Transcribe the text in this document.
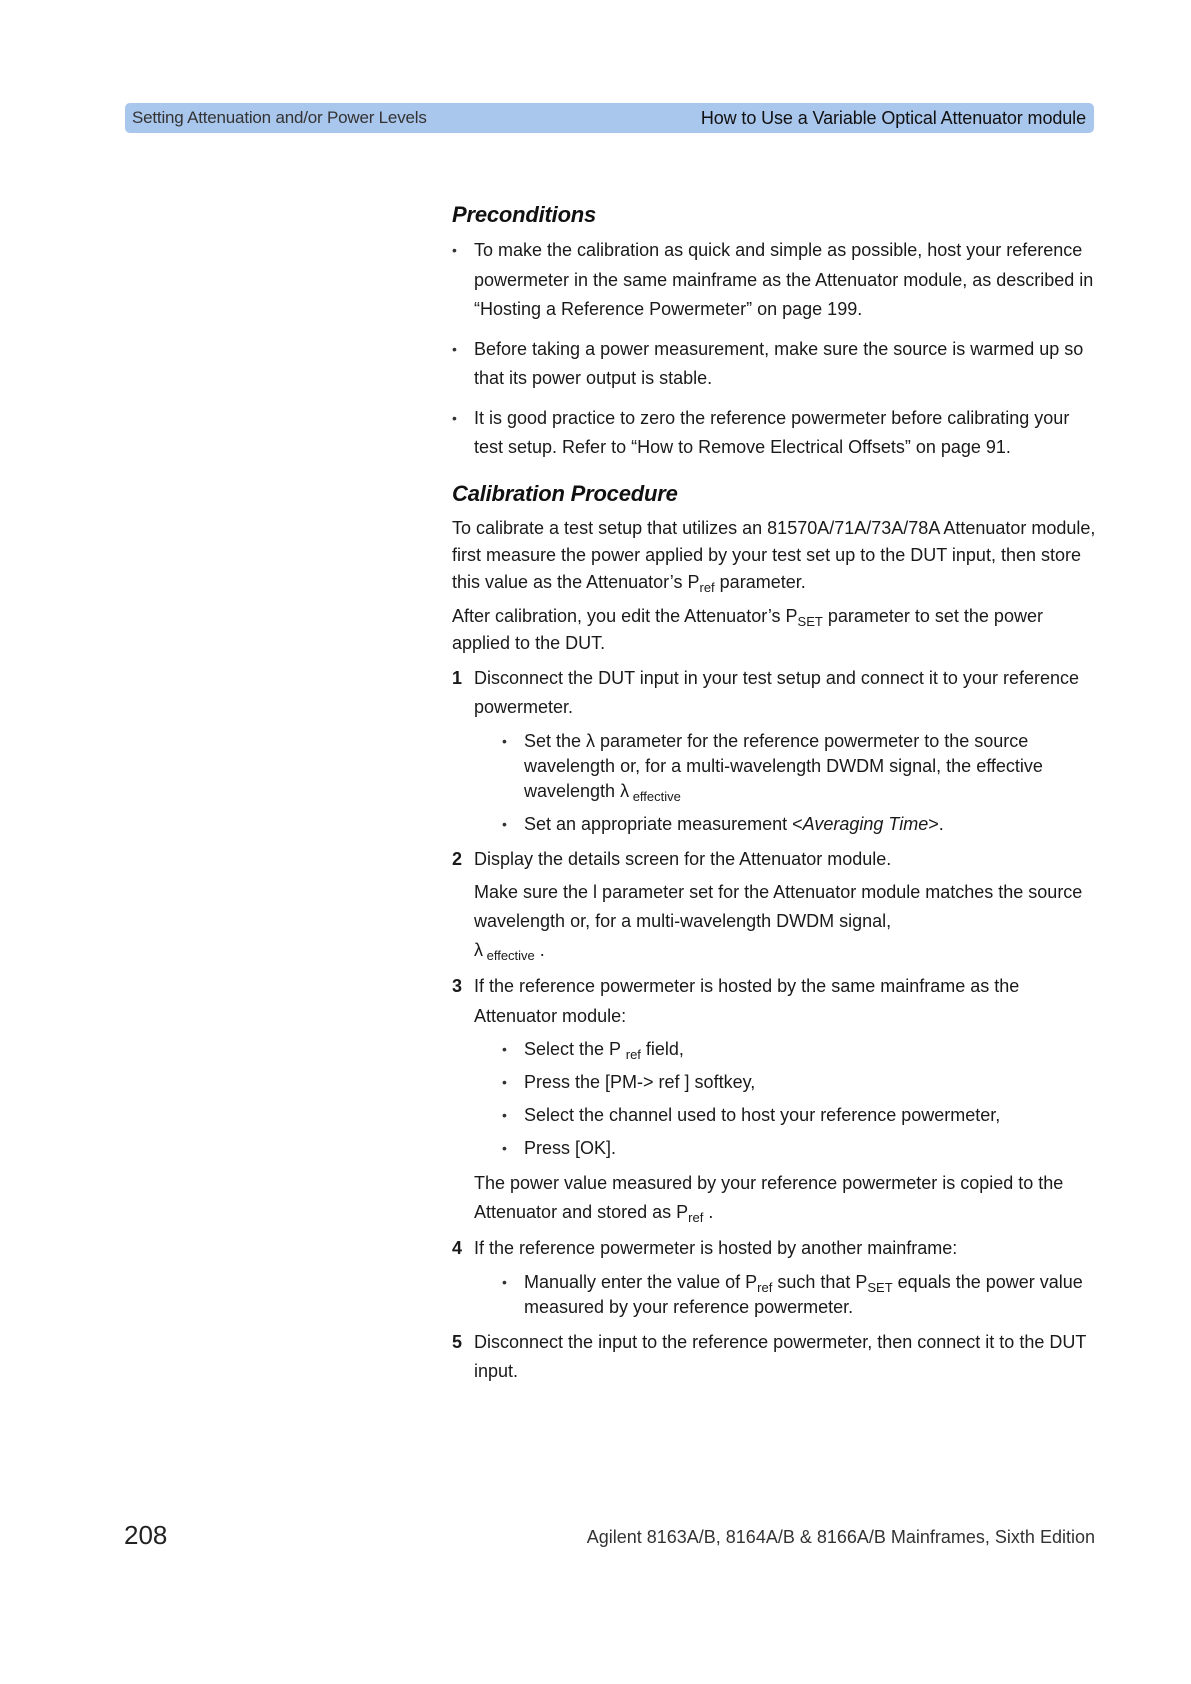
Setting Attenuation and/or Power Levels	How to Use a Variable Optical Attenuator module
Preconditions
• To make the calibration as quick and simple as possible, host your reference powermeter in the same mainframe as the Attenuator module, as described in “Hosting a Reference Powermeter” on page 199.
• Before taking a power measurement, make sure the source is warmed up so that its power output is stable.
• It is good practice to zero the reference powermeter before calibrating your test setup. Refer to “How to Remove Electrical Offsets” on page 91.
Calibration Procedure

To calibrate a test setup that utilizes an 81570A/71A/73A/78A Attenuator module, first measure the power applied by your test set up to the DUT input, then store this value as the Attenuator’s $P_{ref}$ parameter.

After calibration, you edit the Attenuator’s $P_{SET}$ parameter to set the power applied to the DUT.

1 Disconnect the DUT input in your test setup and connect it to your reference powermeter.
• Set the λ parameter for the reference powermeter to the source wavelength or, for a multi-wavelength DWDM signal, the effective wavelength λ $_{effective}$
• Set an appropriate measurement <Averaging Time>.
2 Display the details screen for the Attenuator module.
Make sure the l parameter set for the Attenuator module matches the source wavelength or, for a multi-wavelength DWDM signal,
λ $_{effective}$ .
3 If the reference powermeter is hosted by the same mainframe as the Attenuator module:
• Select the P $_{ref}$ field,
• Press the [PM-> ref ] softkey,
• Select the channel used to host your reference powermeter,
• Press [OK].
The power value measured by your reference powermeter is copied to the Attenuator and stored as $P_{ref}$ .
4 If the reference powermeter is hosted by another mainframe:
• Manually enter the value of $P_{ref}$ such that $P_{SET}$ equals the power value measured by your reference powermeter.
5 Disconnect the input to the reference powermeter, then connect it to the DUT input.
208	Agilent 8163A/B, 8164A/B & 8166A/B Mainframes, Sixth Edition
